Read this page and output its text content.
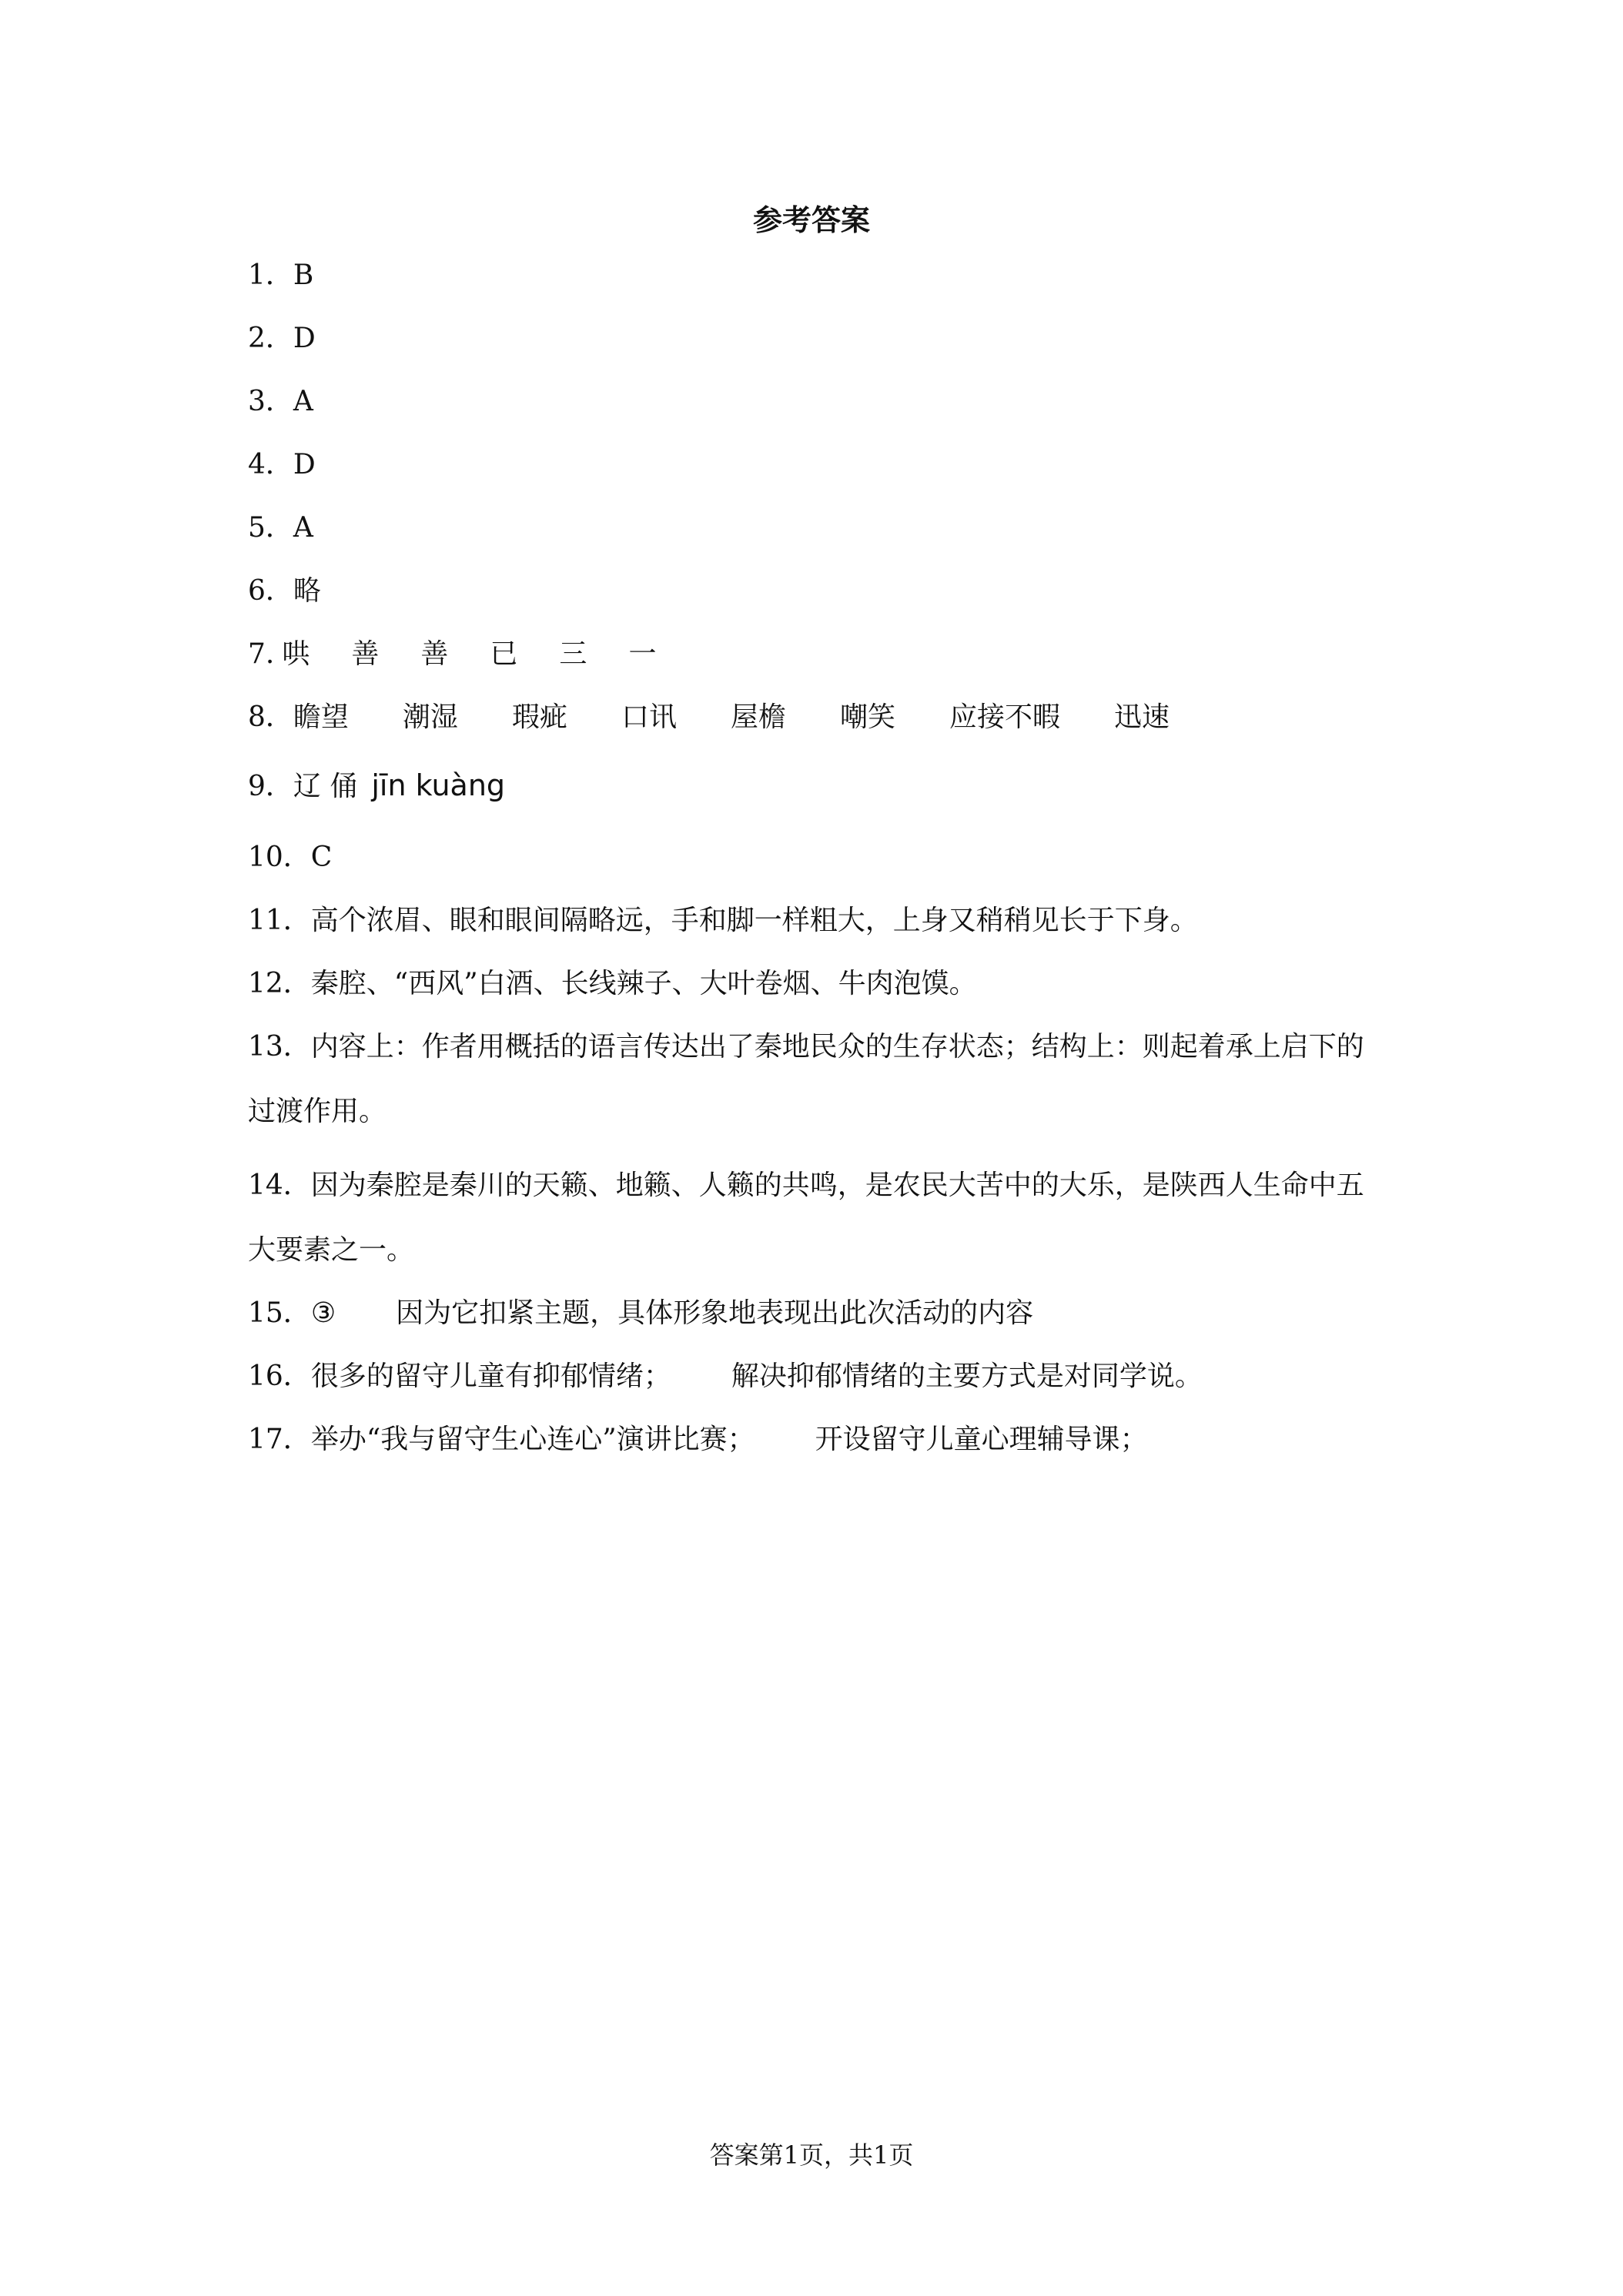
参考答案

1．B

2．D

3．A

4．D

5．A

6．略

7. 哄 善 善 已 三 一

8．瞻望 潮湿 瑕疵 口讯 屋檐 嘲笑 应接不暇 迅速

9．辽 俑 jīn kuàng

10．C

11．高个浓眉、眼和眼间隔略远，手和脚一样粗大，上身又稍稍见长于下身。

12．秦腔、“西风”白酒、长线辣子、大叶卷烟、牛肉泡馍。

13．内容上：作者用概括的语言传达出了秦地民众的生存状态；结构上：则起着承上启下的过渡作用。

14．因为秦腔是秦川的天籁、地籁、人籁的共鸣，是农民大苦中的大乐，是陕西人生命中五大要素之一。

15．③ 因为它扣紧主题，具体形象地表现出此次活动的内容

16．很多的留守儿童有抑郁情绪； 解决抑郁情绪的主要方式是对同学说。

17．举办“我与留守生心连心”演讲比赛； 开设留守儿童心理辅导课；

答案第1页，共1页
